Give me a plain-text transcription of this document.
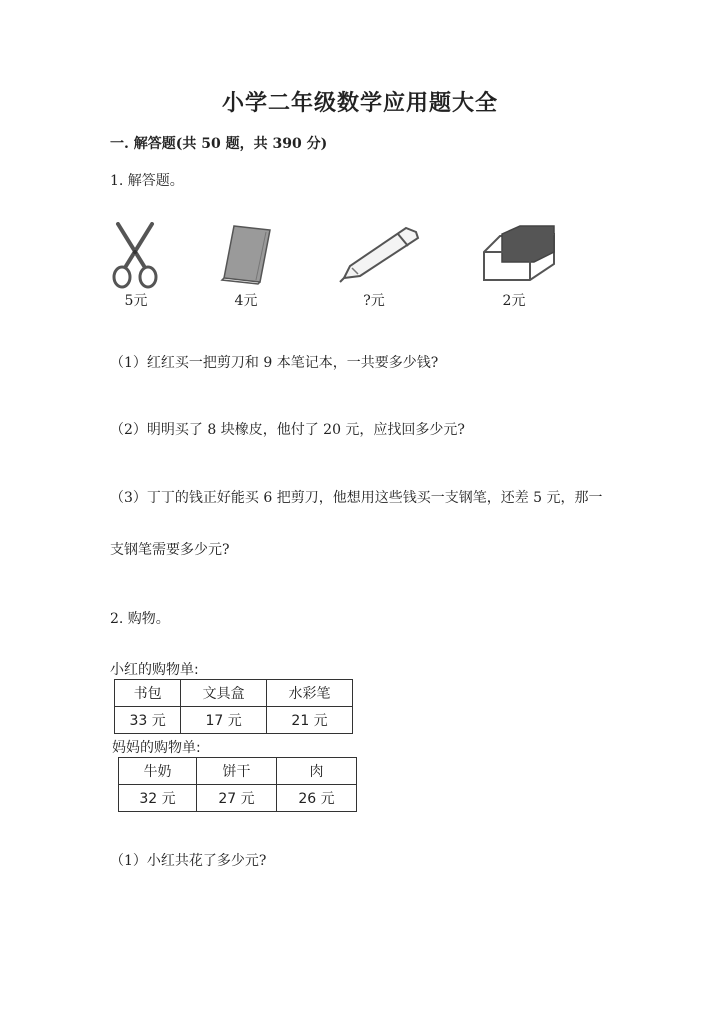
小学二年级数学应用题大全
一. 解答题(共 50 题，共 390 分)
1. 解答题。
5元	4元	?元	2元
（1）红红买一把剪刀和 9 本笔记本，一共要多少钱?
（2）明明买了 8 块橡皮，他付了 20 元，应找回多少元?
（3）丁丁的钱正好能买 6 把剪刀，他想用这些钱买一支钢笔，还差 5 元，那一
支钢笔需要多少元?
2. 购物。
小红的购物单:
书包	文具盒	水彩笔
33 元	17 元	21 元
妈妈的购物单:
牛奶	饼干	肉
32 元	27 元	26 元
（1）小红共花了多少元?
